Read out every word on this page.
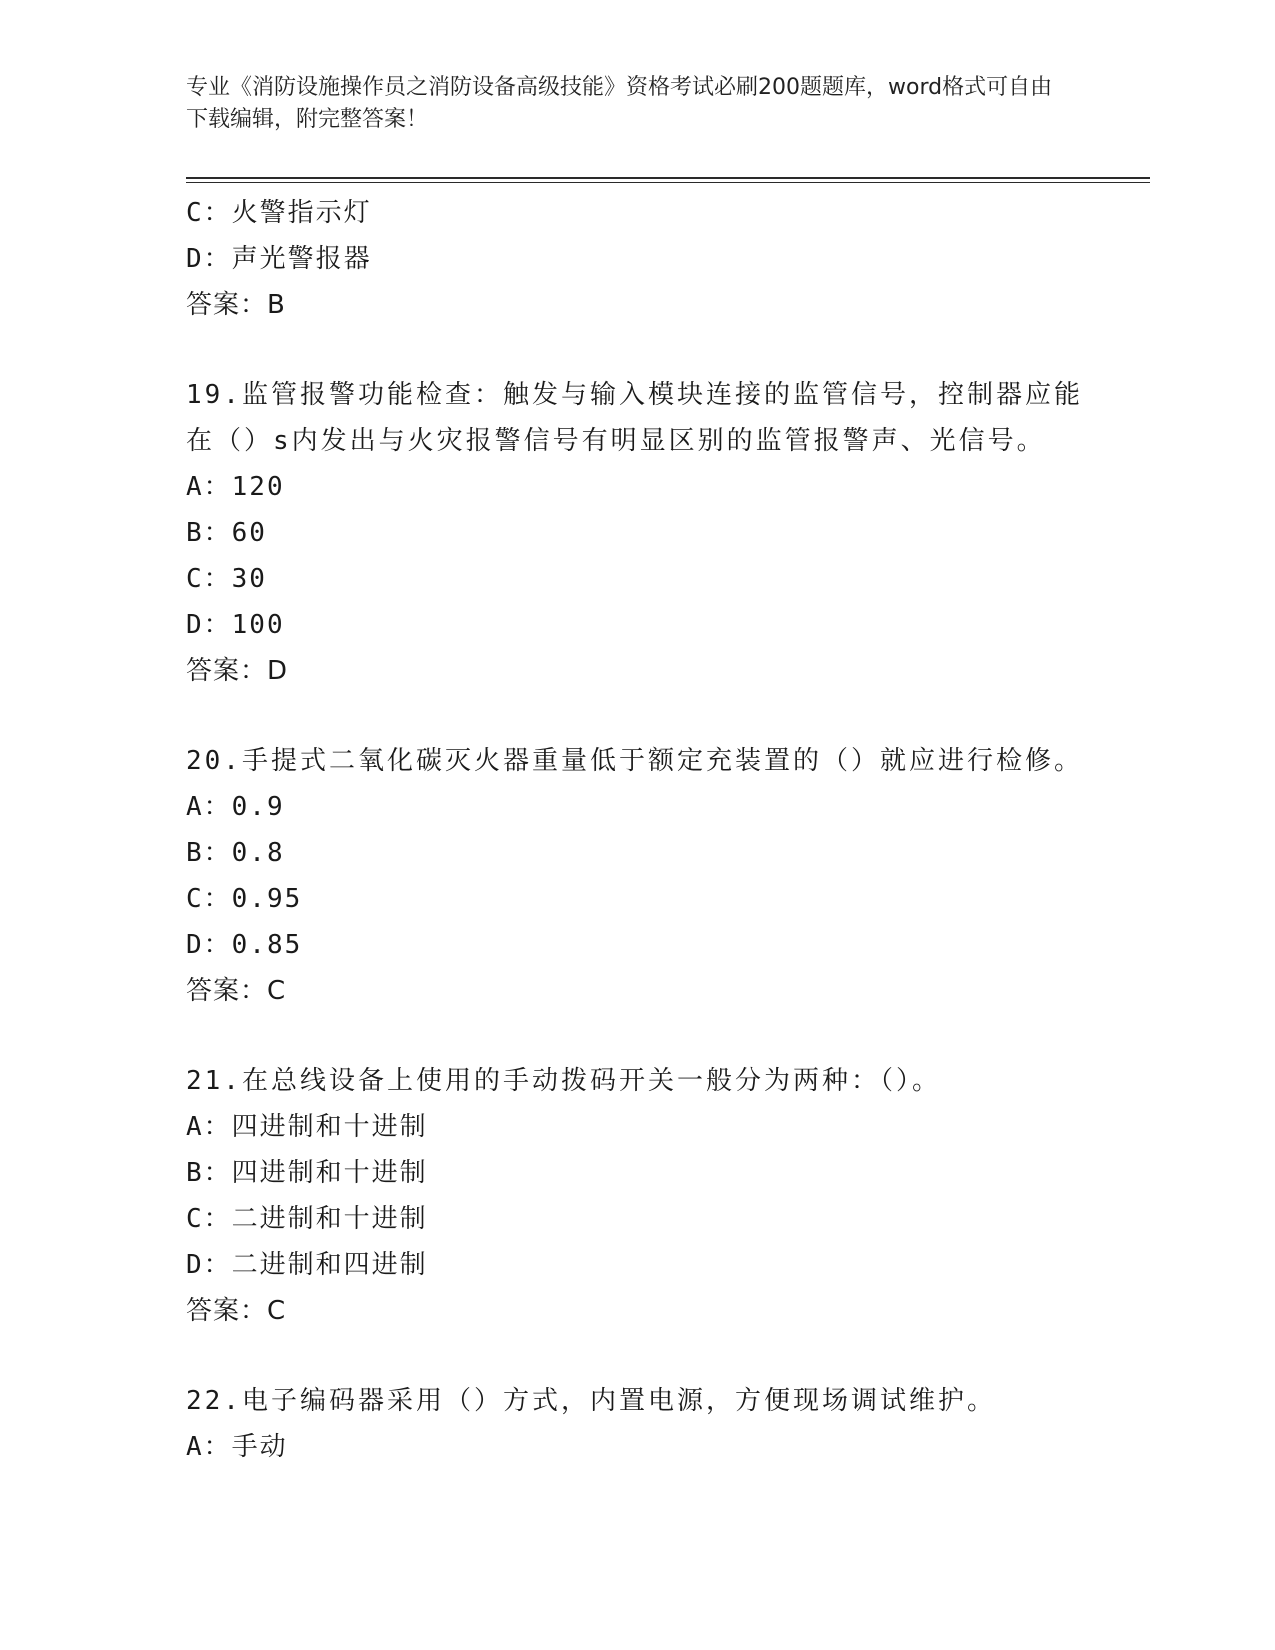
专业《消防设施操作员之消防设备高级技能》资格考试必刷200题题库，word格式可自由下载编辑，附完整答案！
C：火警指示灯
D：声光警报器
答案：B
19.监管报警功能检查：触发与输入模块连接的监管信号，控制器应能在（）s内发出与火灾报警信号有明显区别的监管报警声、光信号。
A：120
B：60
C：30
D：100
答案：D
20.手提式二氧化碳灭火器重量低于额定充装置的（）就应进行检修。
A：0.9
B：0.8
C：0.95
D：0.85
答案：C
21.在总线设备上使用的手动拨码开关一般分为两种：（）。
A：四进制和十进制
B：四进制和十进制
C：二进制和十进制
D：二进制和四进制
答案：C
22.电子编码器采用（）方式，内置电源，方便现场调试维护。
A：手动
